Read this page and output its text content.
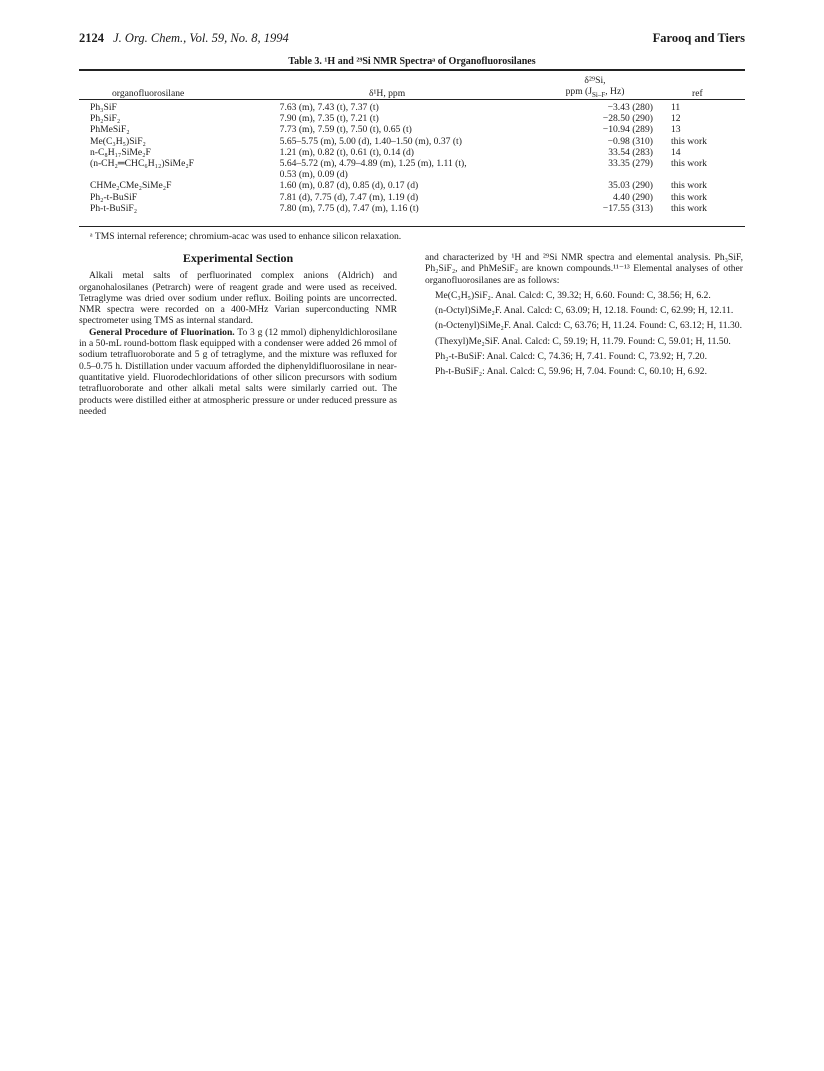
2124 J. Org. Chem., Vol. 59, No. 8, 1994	Farooq and Tiers
Table 3. ¹H and ²⁹Si NMR Spectraᵃ of Organofluorosilanes
organofluorosilane	δ¹H, ppm
δ²⁹Si,
ppm ($J_{Si-F}$, Hz)	ref
Ph₃SiF	7.63 (m), 7.43 (t), 7.37 (t)	−3.43 (280)	11
Ph₂SiF₂	7.90 (m), 7.35 (t), 7.21 (t)	−28.50 (290)	12
PhMeSiF₂	7.73 (m), 7.59 (t), 7.50 (t), 0.65 (t)	−10.94 (289)	13
Me(C₃H₅)SiF₂	5.65–5.75 (m), 5.00 (d), 1.40–1.50 (m), 0.37 (t)	−0.98 (310)	this work
n-C₈H₁₇SiMe₂F	1.21 (m), 0.82 (t), 0.61 (t), 0.14 (d)	33.54 (283)	14
(n-CH₂═CHC₆H₁₂)SiMe₂F	5.64–5.72 (m), 4.79–4.89 (m), 1.25 (m), 1.11 (t),	33.35 (279)	this work
0.53 (m), 0.09 (d)
CHMe₂CMe₂SiMe₂F	1.60 (m), 0.87 (d), 0.85 (d), 0.17 (d)	35.03 (290)	this work
Ph₂-t-BuSiF	7.81 (d), 7.75 (d), 7.47 (m), 1.19 (d)	4.40 (290)	this work
Ph-t-BuSiF₂	7.80 (m), 7.75 (d), 7.47 (m), 1.16 (t)	−17.55 (313)	this work
ᵃ TMS internal reference; chromium-acac was used to enhance silicon relaxation.
Experimental Section

Alkali metal salts of perfluorinated complex anions (Aldrich) and organohalosilanes (Petrarch) were of reagent grade and were used as received. Tetraglyme was dried over sodium under reflux. Boiling points are uncorrected. NMR spectra were recorded on a 400-MHz Varian superconducting NMR spectrometer using TMS as internal standard.

General Procedure of Fluorination. To 3 g (12 mmol) diphenyldichlorosilane in a 50-mL round-bottom flask equipped with a condenser were added 26 mmol of sodium tetrafluoroborate and 5 g of tetraglyme, and the mixture was refluxed for 0.5–0.75 h. Distillation under vacuum afforded the diphenyldifluorosilane in near-quantitative yield. Fluorodechloridations of other silicon precursors with sodium tetrafluoroborate and other alkali metal salts were similarly carried out. The products were distilled either at atmospheric pressure or under reduced pressure as needed

and characterized by ¹H and ²⁹Si NMR spectra and elemental analysis. Ph₃SiF, Ph₂SiF₂, and PhMeSiF₂ are known compounds.¹¹⁻¹³ Elemental analyses of other organofluorosilanes are as follows:

Me(C₃H₅)SiF₂. Anal. Calcd: C, 39.32; H, 6.60. Found: C, 38.56; H, 6.2.

(n-Octyl)SiMe₂F. Anal. Calcd: C, 63.09; H, 12.18. Found: C, 62.99; H, 12.11.

(n-Octenyl)SiMe₂F. Anal. Calcd: C, 63.76; H, 11.24. Found: C, 63.12; H, 11.30.

(Thexyl)Me₂SiF. Anal. Calcd: C, 59.19; H, 11.79. Found: C, 59.01; H, 11.50.

Ph₂-t-BuSiF: Anal. Calcd: C, 74.36; H, 7.41. Found: C, 73.92; H, 7.20.

Ph-t-BuSiF₂: Anal. Calcd: C, 59.96; H, 7.04. Found: C, 60.10; H, 6.92.
